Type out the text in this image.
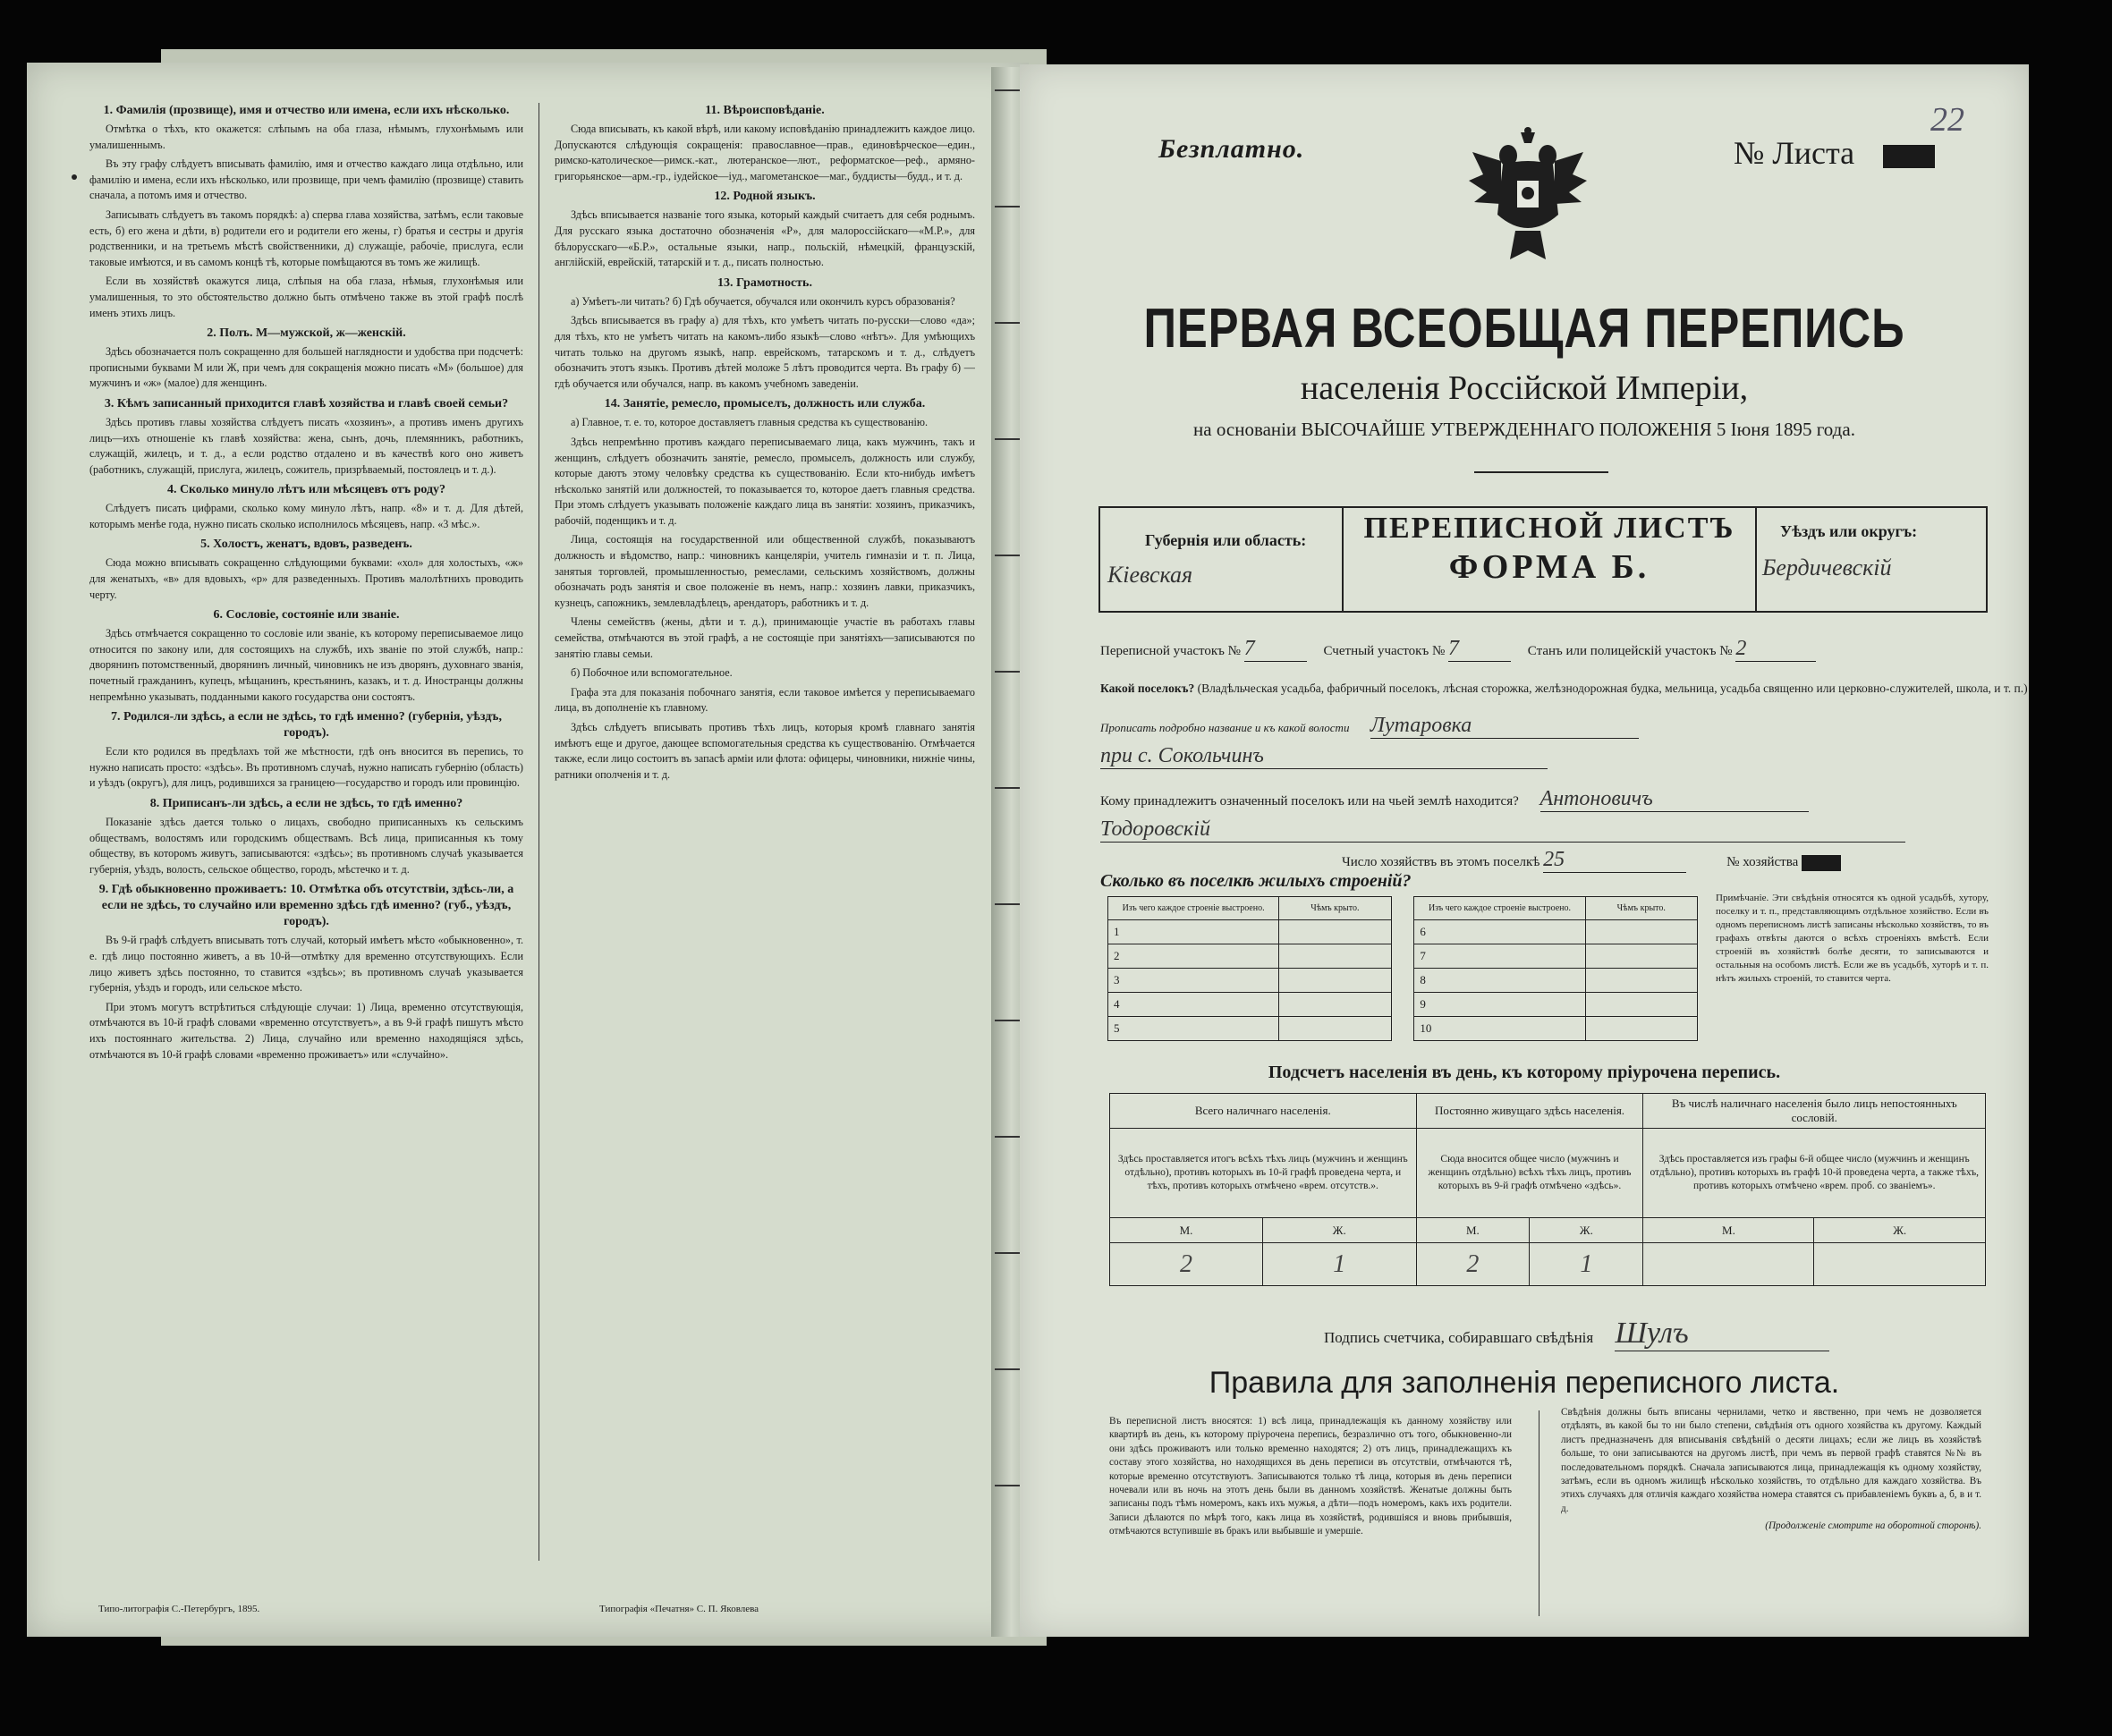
1. Фамилія (прозвище), имя и отчество или имена, если ихъ нѣсколько.

Отмѣтка о тѣхъ, кто окажется: слѣпымъ на оба глаза, нѣмымъ, глухонѣмымъ или умалишеннымъ.

Въ эту графу слѣдуетъ вписывать фамилію, имя и отчество каждаго лица отдѣльно, или фамилію и имена, если ихъ нѣсколько, или прозвище, при чемъ фамилію (прозвище) ставить сначала, а потомъ имя и отчество.

Записывать слѣдуетъ въ такомъ порядкѣ: а) сперва глава хозяйства, затѣмъ, если таковые есть, б) его жена и дѣти, в) родители его и родители его жены, г) братья и сестры и другія родственники, и на третьемъ мѣстѣ свойственники, д) служащіе, рабочіе, прислуга, если таковые имѣются, и въ самомъ концѣ тѣ, которые помѣщаются въ томъ же жилищѣ.

Если въ хозяйствѣ окажутся лица, слѣпыя на оба глаза, нѣмыя, глухонѣмыя или умалишенныя, то это обстоятельство должно быть отмѣчено также въ этой графѣ послѣ именъ этихъ лицъ.

2. Полъ. М—мужской, ж—женскій.

Здѣсь обозначается полъ сокращенно для большей наглядности и удобства при подсчетѣ: прописными буквами М или Ж, при чемъ для сокращенія можно писать «М» (большое) для мужчинъ и «ж» (малое) для женщинъ.

3. Кѣмъ записанный приходится главѣ хозяйства и главѣ своей семьи?

Здѣсь противъ главы хозяйства слѣдуетъ писать «хозяинъ», а противъ именъ другихъ лицъ—ихъ отношеніе къ главѣ хозяйства: жена, сынъ, дочь, племянникъ, работникъ, служащій, жилецъ, и т. д., а если родство отдалено и въ качествѣ кого оно живетъ (работникъ, служащій, прислуга, жилецъ, сожитель, призрѣваемый, постоялецъ и т. д.).

4. Сколько минуло лѣтъ или мѣсяцевъ отъ роду?

Слѣдуетъ писать цифрами, сколько кому минуло лѣтъ, напр. «8» и т. д. Для дѣтей, которымъ менѣе года, нужно писать сколько исполнилось мѣсяцевъ, напр. «3 мѣс.».

5. Холостъ, женатъ, вдовъ, разведенъ.

Сюда можно вписывать сокращенно слѣдующими буквами: «хол» для холостыхъ, «ж» для женатыхъ, «в» для вдовыхъ, «р» для разведенныхъ. Противъ малолѣтнихъ проводить черту.

6. Сословіе, состояніе или званіе.

Здѣсь отмѣчается сокращенно то сословіе или званіе, къ которому переписываемое лицо относится по закону или, для состоящихъ на службѣ, ихъ званіе по этой службѣ, напр.: дворянинъ потомственный, дворянинъ личный, чиновникъ не изъ дворянъ, духовнаго званія, почетный гражданинъ, купецъ, мѣщанинъ, крестьянинъ, казакъ, и т. д. Иностранцы должны непремѣнно указывать, подданными какого государства они состоятъ.

7. Родился-ли здѣсь, а если не здѣсь, то гдѣ именно? (губернія, уѣздъ, городъ).

Если кто родился въ предѣлахъ той же мѣстности, гдѣ онъ вносится въ перепись, то нужно написать просто: «здѣсь». Въ противномъ случаѣ, нужно написать губернію (область) и уѣздъ (округъ), для лицъ, родившихся за границею—государство и городъ или провинцію.

8. Приписанъ-ли здѣсь, а если не здѣсь, то гдѣ именно?

Показаніе здѣсь дается только о лицахъ, свободно приписанныхъ къ сельскимъ обществамъ, волостямъ или городскимъ обществамъ. Всѣ лица, приписанныя къ тому обществу, въ которомъ живутъ, записываются: «здѣсь»; въ противномъ случаѣ указывается губернія, уѣздъ, волость, сельское общество, городъ, мѣстечко и т. д.

9. Гдѣ обыкновенно проживаетъ: 10. Отмѣтка объ отсутствіи, здѣсь-ли, а если не здѣсь, то случайно или временно здѣсь гдѣ именно? (губ., уѣздъ, городъ).

Въ 9-й графѣ слѣдуетъ вписывать тотъ случай, который имѣетъ мѣсто «обыкновенно», т. е. гдѣ лицо постоянно живетъ, а въ 10-й—отмѣтку для временно отсутствующихъ. Если лицо живетъ здѣсь постоянно, то ставится «здѣсь»; въ противномъ случаѣ указывается губернія, уѣздъ и городъ, или сельское мѣсто.

При этомъ могутъ встрѣтиться слѣдующіе случаи: 1) Лица, временно отсутствующія, отмѣчаются въ 10-й графѣ словами «временно отсутствуетъ», а въ 9-й графѣ пишутъ мѣсто ихъ постояннаго жительства. 2) Лица, случайно или временно находящіяся здѣсь, отмѣчаются въ 10-й графѣ словами «временно проживаетъ» или «случайно».

11. Вѣроисповѣданіе.

Сюда вписывать, къ какой вѣрѣ, или какому исповѣданію принадлежитъ каждое лицо. Допускаются слѣдующія сокращенія: православное—прав., единовѣрческое—един., римско-католическое—римск.-кат., лютеранское—лют., реформатское—реф., армяно-григорьянское—арм.-гр., іудейское—іуд., магометанское—маг., буддисты—будд., и т. д.

12. Родной языкъ.

Здѣсь вписывается названіе того языка, который каждый считаетъ для себя роднымъ. Для русскаго языка достаточно обозначенія «Р», для малороссійскаго—«М.Р.», для бѣлорусскаго—«Б.Р.», остальные языки, напр., польскій, нѣмецкій, французскій, англійскій, еврейскій, татарскій и т. д., писать полностью.

13. Грамотность.

а) Умѣетъ-ли читать? б) Гдѣ обучается, обучался или окончилъ курсъ образованія?

Здѣсь вписывается въ графу а) для тѣхъ, кто умѣетъ читать по-русски—слово «да»; для тѣхъ, кто не умѣетъ читать на какомъ-либо языкѣ—слово «нѣтъ». Для умѣющихъ читать только на другомъ языкѣ, напр. еврейскомъ, татарскомъ и т. д., слѣдуетъ обозначить этотъ языкъ. Противъ дѣтей моложе 5 лѣтъ проводится черта. Въ графу б) — гдѣ обучается или обучался, напр. въ какомъ учебномъ заведеніи.

14. Занятіе, ремесло, промыселъ, должность или служба.

а) Главное, т. е. то, которое доставляетъ главныя средства къ существованію.

Здѣсь непремѣнно противъ каждаго переписываемаго лица, какъ мужчинъ, такъ и женщинъ, слѣдуетъ обозначить занятіе, ремесло, промыселъ, должность или службу, которые даютъ этому человѣку средства къ существованію. Если кто-нибудь имѣетъ нѣсколько занятій или должностей, то показывается то, которое даетъ главныя средства. При этомъ слѣдуетъ указывать положеніе каждаго лица въ занятіи: хозяинъ, приказчикъ, рабочій, поденщикъ и т. д.

Лица, состоящія на государственной или общественной службѣ, показываютъ должность и вѣдомство, напр.: чиновникъ канцеляріи, учитель гимназіи и т. п. Лица, занятыя торговлей, промышленностью, ремеслами, сельскимъ хозяйствомъ, должны обозначать родъ занятія и свое положеніе въ немъ, напр.: хозяинъ лавки, приказчикъ, кузнецъ, сапожникъ, землевладѣлецъ, арендаторъ, работникъ и т. д.

Члены семействъ (жены, дѣти и т. д.), принимающіе участіе въ работахъ главы семейства, отмѣчаются въ этой графѣ, а не состоящіе при занятіяхъ—записываются по занятію главы семьи.

б) Побочное или вспомогательное.

Графа эта для показанія побочнаго занятія, если таковое имѣется у переписываемаго лица, въ дополненіе къ главному.

Здѣсь слѣдуетъ вписывать противъ тѣхъ лицъ, которыя кромѣ главнаго занятія имѣютъ еще и другое, дающее вспомогательныя средства къ существованію. Отмѣчается также, если лицо состоитъ въ запасѣ арміи или флота: офицеры, чиновники, нижніе чины, ратники ополченія и т. д.

Типо-литографія С.-Петербургъ, 1895.	Типографія «Печатня» С. П. Яковлева
Безплатно.	№ Листа
22
ПЕРВАЯ ВСЕОБЩАЯ ПЕРЕПИСЬ
населенія Россійской Имперіи,
на основаніи ВЫСОЧАЙШЕ УТВЕРЖДЕННАГО ПОЛОЖЕНІЯ 5 Іюня 1895 года.
Губернія или область:
Кіевская
ПЕРЕПИСНОЙ ЛИСТЪ
ФОРМА Б.
Уѣздъ или округъ:
Бердичевскій
Переписной участокъ № 7	Счетный участокъ № 7	Станъ или полицейскій участокъ № 2
Какой поселокъ? (Владѣльческая усадьба, фабричный поселокъ, лѣсная сторожка, желѣзнодорожная будка, мельница, усадьба священно или церковно-служителей, школа, и т. п.)
Прописать подробно название и къ какой волости Лутаровка
при с. Сокольчинъ
Кому принадлежитъ означенный поселокъ или на чьей землѣ находится? Антоновичъ
Тодоровскій
Число хозяйствъ въ этомъ поселкѣ 25	№ хозяйства
Сколько въ поселкѣ жилыхъ строеній?
Изъ чего каждое строеніе выстроено.	Чѣмъ крыто.		Изъ чего каждое строеніе выстроено.	Чѣмъ крыто.
1			6	
2			7	
3			8	
4			9	
5			10	
Примѣчаніе. Эти свѣдѣнія относятся къ одной усадьбѣ, хутору, поселку и т. п., представляющимъ отдѣльное хозяйство. Если въ одномъ переписномъ листѣ записаны нѣсколько хозяйствъ, то въ графахъ отвѣты даются о всѣхъ строеніяхъ вмѣстѣ. Если строеній въ хозяйствѣ болѣе десяти, то записываются и остальныя на особомъ листѣ. Если же въ усадьбѣ, хуторѣ и т. п. нѣтъ жилыхъ строеній, то ставится черта.
Подсчетъ населенія въ день, къ которому пріурочена перепись.
Всего наличнаго населенія.		Постоянно живущаго здѣсь населенія.		Въ числѣ наличнаго населенія было лицъ непостоянныхъ сословій.	
Здѣсь проставляется итогъ всѣхъ тѣхъ лицъ (мужчинъ и женщинъ отдѣльно), противъ которыхъ въ 10-й графѣ проведена черта, и тѣхъ, противъ которыхъ отмѣчено «врем. отсутств.».		Сюда вносится общее число (мужчинъ и женщинъ отдѣльно) всѣхъ тѣхъ лицъ, противъ которыхъ въ 9-й графѣ отмѣчено «здѣсь».		Здѣсь проставляется изъ графы 6-й общее число (мужчинъ и женщинъ отдѣльно), противъ которыхъ въ графѣ 10-й проведена черта, а также тѣхъ, противъ которыхъ отмѣчено «врем. проб. со званіемъ».	
М.	Ж.	М.	Ж.	М.	Ж.
2	1	2	1		
Подпись счетчика, собиравшаго свѣдѣнія Шулъ
Правила для заполненія переписного листа.
Въ переписной листъ вносятся: 1) всѣ лица, принадлежащія къ данному хозяйству или квартирѣ въ день, къ которому пріурочена перепись, безразлично отъ того, обыкновенно-ли они здѣсь проживаютъ или только временно находятся; 2) отъ лицъ, принадлежащихъ къ составу этого хозяйства, но находящихся въ день переписи въ отсутствіи, отмѣчаются тѣ, которые временно отсутствуютъ. Записываются только тѣ лица, которыя въ день переписи ночевали или въ ночь на этотъ день были въ данномъ хозяйствѣ. Женатые должны быть записаны подъ тѣмъ номеромъ, какъ ихъ мужья, а дѣти—подъ номеромъ, какъ ихъ родители. Записи дѣлаются по мѣрѣ того, какъ лица въ хозяйствѣ, родившіяся и вновь прибывшія, отмѣчаются вступившіе въ бракъ или выбывшіе и умершіе.
Свѣдѣнія должны быть вписаны чернилами, четко и явственно, при чемъ не дозволяется отдѣлять, въ какой бы то ни было степени, свѣдѣнія отъ одного хозяйства къ другому. Каждый листъ предназначенъ для вписыванія свѣдѣній о десяти лицахъ; если же лицъ въ хозяйствѣ больше, то они записываются на другомъ листѣ, при чемъ въ первой графѣ ставятся №№ въ последовательномъ порядкѣ. Сначала записываются лица, принадлежащія къ одному хозяйству, затѣмъ, если въ одномъ жилищѣ нѣсколько хозяйствъ, то отдѣльно для каждаго хозяйства. Въ этихъ случаяхъ для отличія каждаго хозяйства номера ставятся съ прибавленіемъ буквъ а, б, в и т. д.
(Продолженіе смотрите на оборотной сторонѣ).
